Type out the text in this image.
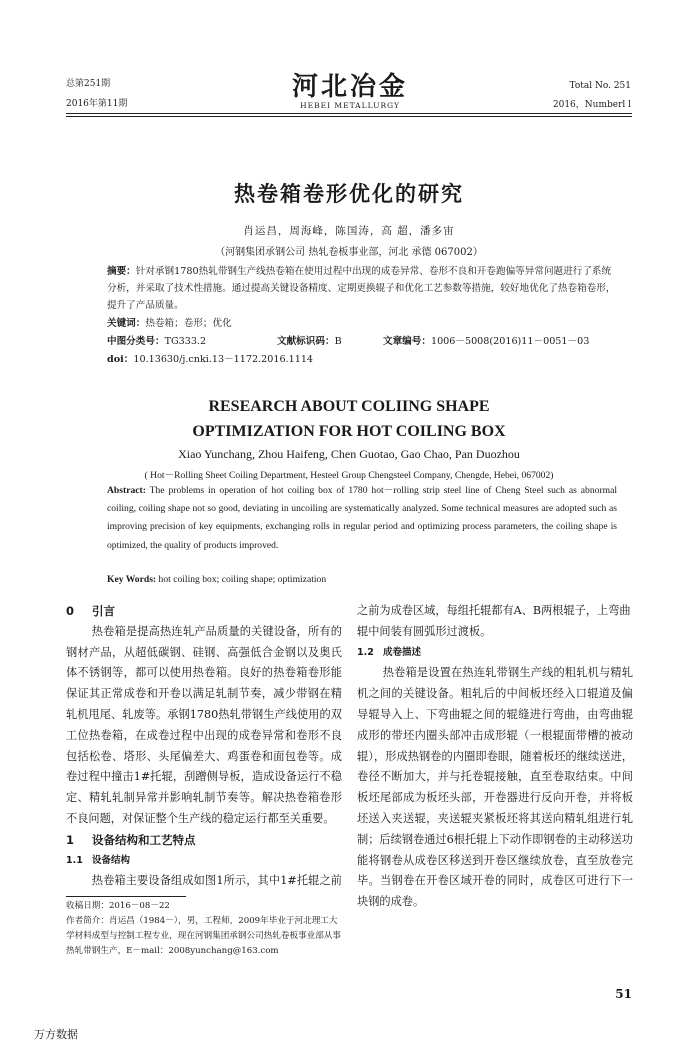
总第251期
2016年第11期
河北冶金
HEBEI METALLURGY
Total No. 251
2016，Numberl l
热卷箱卷形优化的研究
肖运昌，周海峰，陈国涛，高 超，潘多宙
（河钢集团承钢公司 热轧卷板事业部，河北 承德 067002）
摘要：针对承钢1780热轧带钢生产线热卷箱在使用过程中出现的成卷异常、卷形不良和开卷跑偏等异常问题进行了系统分析，并采取了技术性措施。通过提高关键设备精度、定期更换辊子和优化工艺参数等措施，较好地优化了热卷箱卷形，提升了产品质量。
关键词：热卷箱；卷形；优化
中图分类号：TG333.2	文献标识码：B	文章编号：1006－5008(2016)11－0051－03
doi：10.13630/j.cnki.13－1172.2016.1114
RESEARCH ABOUT COLIING SHAPE
OPTIMIZATION FOR HOT COILING BOX
Xiao Yunchang, Zhou Haifeng, Chen Guotao, Gao Chao, Pan Duozhou
( Hot－Rolling Sheet Coiling Department, Hesteel Group Chengsteel Company, Chengde, Hebei, 067002)
Abstract: The problems in operation of hot coiling box of 1780 hot－rolling strip steel line of Cheng Steel such as abnormal coiling, coiling shape not so good, deviating in uncoiling are systematically analyzed. Some technical measures are adopted such as improving precision of key equipments, exchanging rolls in regular period and optimizing process parameters, the coiling shape is optimized, the quality of products improved.
Key Words: hot coiling box; coiling shape; optimization
0 引言

热卷箱是提高热连轧产品质量的关键设备，所有的钢材产品，从超低碳钢、硅钢、高强低合金钢以及奥氏体不锈钢等，都可以使用热卷箱。良好的热卷箱卷形能保证其正常成卷和开卷以满足轧制节奏，减少带钢在精轧机甩尾、轧废等。承钢1780热轧带钢生产线使用的双工位热卷箱，在成卷过程中出现的成卷异常和卷形不良包括松卷、塔形、头尾偏差大、鸡蛋卷和面包卷等。成卷过程中撞击1#托辊，刮蹭侧导板，造成设备运行不稳定、精轧轧制异常并影响轧制节奏等。解决热卷箱卷形不良问题，对保证整个生产线的稳定运行都至关重要。

1 设备结构和工艺特点
1.1 设备结构

热卷箱主要设备组成如图1所示，其中1#托辊之前

收稿日期：2016－08－22
作者简介：肖运昌（1984－），男，工程师，2009年毕业于河北理工大学材料成型与控制工程专业，现在河钢集团承钢公司热轧卷板事业部从事热轧带钢生产，E－mail：2008yunchang@163.com
之前为成卷区域，每组托辊都有A、B两根辊子，上弯曲辊中间装有圆弧形过渡板。
1.2 成卷描述

热卷箱是设置在热连轧带钢生产线的粗轧机与精轧机之间的关键设备。粗轧后的中间板坯经入口辊道及偏导辊导入上、下弯曲辊之间的辊缝进行弯曲，由弯曲辊成形的带坯内圈头部冲击成形辊（一根辊面带槽的被动辊），形成热钢卷的内圈即卷眼，随着板坯的继续送进，卷径不断加大，并与托卷辊接触，直至卷取结束。中间板坯尾部成为板坯头部，开卷器进行反向开卷，并将板坯送入夹送辊，夹送辊夹紧板坯将其送向精轧组进行轧制；后续钢卷通过6根托辊上下动作即钢卷的主动移送功能将钢卷从成卷区移送到开卷区继续放卷，直至放卷完毕。当钢卷在开卷区域开卷的同时，成卷区可进行下一块钢的成卷。

51
万方数据
